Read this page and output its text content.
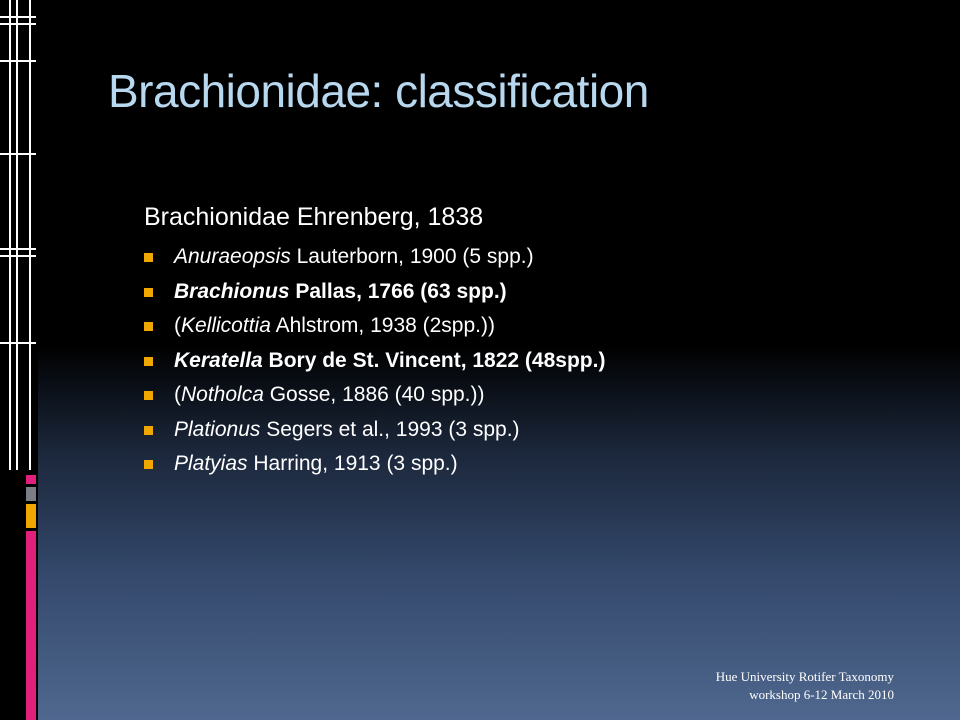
Brachionidae: classification
Brachionidae Ehrenberg, 1838
Anuraeopsis Lauterborn, 1900 (5 spp.)
Brachionus Pallas, 1766 (63 spp.)
(Kellicottia Ahlstrom, 1938 (2spp.))
Keratella Bory de St. Vincent, 1822 (48spp.)
(Notholca Gosse, 1886 (40 spp.))
Plationus Segers et al., 1993 (3 spp.)
Platyias Harring, 1913 (3 spp.)
Hue University Rotifer Taxonomy
workshop 6-12 March 2010
